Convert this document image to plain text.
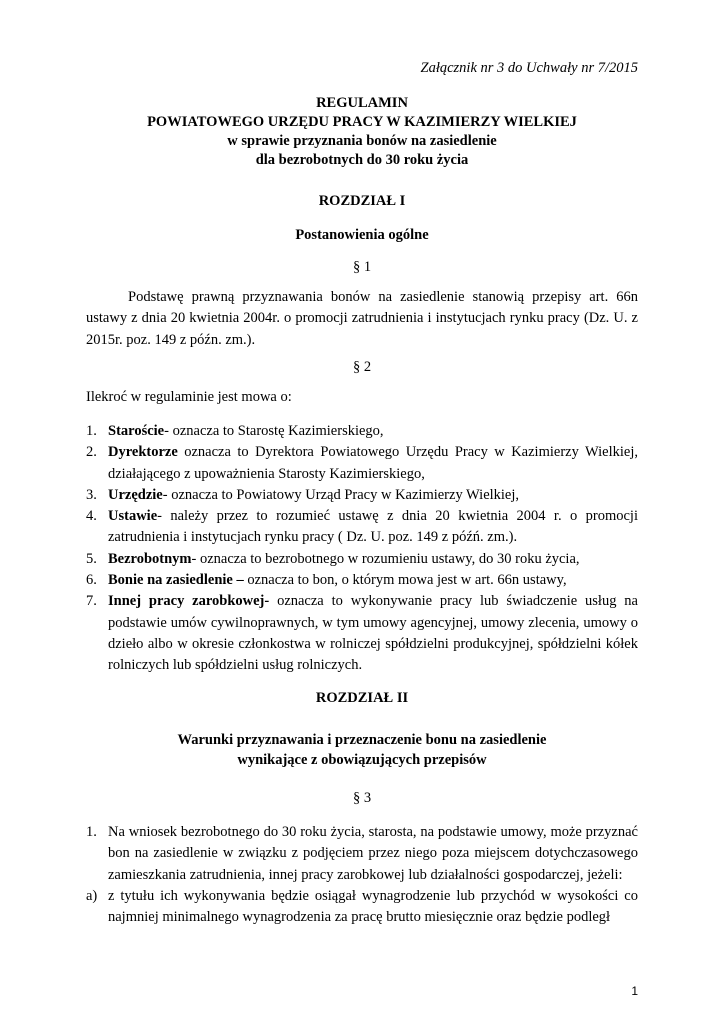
Załącznik nr 3 do Uchwały nr 7/2015
REGULAMIN
POWIATOWEGO URZĘDU PRACY W KAZIMIERZY WIELKIEJ
w sprawie przyznania bonów na zasiedlenie
dla bezrobotnych do 30 roku życia
ROZDZIAŁ I
Postanowienia ogólne
§ 1
Podstawę prawną przyznawania bonów na zasiedlenie stanowią przepisy art. 66n ustawy z dnia 20 kwietnia 2004r. o promocji zatrudnienia i instytucjach rynku pracy (Dz. U. z 2015r. poz. 149 z późn. zm.).
§ 2
Ilekroć w regulaminie jest mowa o:
1. Staroście- oznacza to Starostę Kazimierskiego,
2. Dyrektorze oznacza to Dyrektora Powiatowego Urzędu Pracy w Kazimierzy Wielkiej, działającego z upoważnienia Starosty Kazimierskiego,
3. Urzędzie- oznacza to Powiatowy Urząd Pracy w Kazimierzy Wielkiej,
4. Ustawie- należy przez to rozumieć ustawę z dnia 20 kwietnia 2004 r. o promocji zatrudnienia i instytucjach rynku pracy ( Dz. U. poz. 149 z późń. zm.).
5. Bezrobotnym- oznacza to bezrobotnego w rozumieniu ustawy, do 30 roku życia,
6. Bonie na zasiedlenie – oznacza to bon, o którym mowa jest w art. 66n ustawy,
7. Innej pracy zarobkowej- oznacza to wykonywanie pracy lub świadczenie usług na podstawie umów cywilnoprawnych, w tym umowy agencyjnej, umowy zlecenia, umowy o dzieło albo w okresie członkostwa w rolniczej spółdzielni produkcyjnej, spółdzielni kółek rolniczych lub spółdzielni usług rolniczych.
ROZDZIAŁ II
Warunki przyznawania i przeznaczenie bonu na zasiedlenie
wynikające z obowiązujących przepisów
§ 3
1. Na wniosek bezrobotnego do 30 roku życia, starosta, na podstawie umowy, może przyznać bon na zasiedlenie w związku z podjęciem przez niego poza miejscem dotychczasowego zamieszkania zatrudnienia, innej pracy zarobkowej lub działalności gospodarczej, jeżeli:
a) z tytułu ich wykonywania będzie osiągał wynagrodzenie lub przychód w wysokości co najmniej minimalnego wynagrodzenia za pracę brutto miesięcznie oraz będzie podległ
1
